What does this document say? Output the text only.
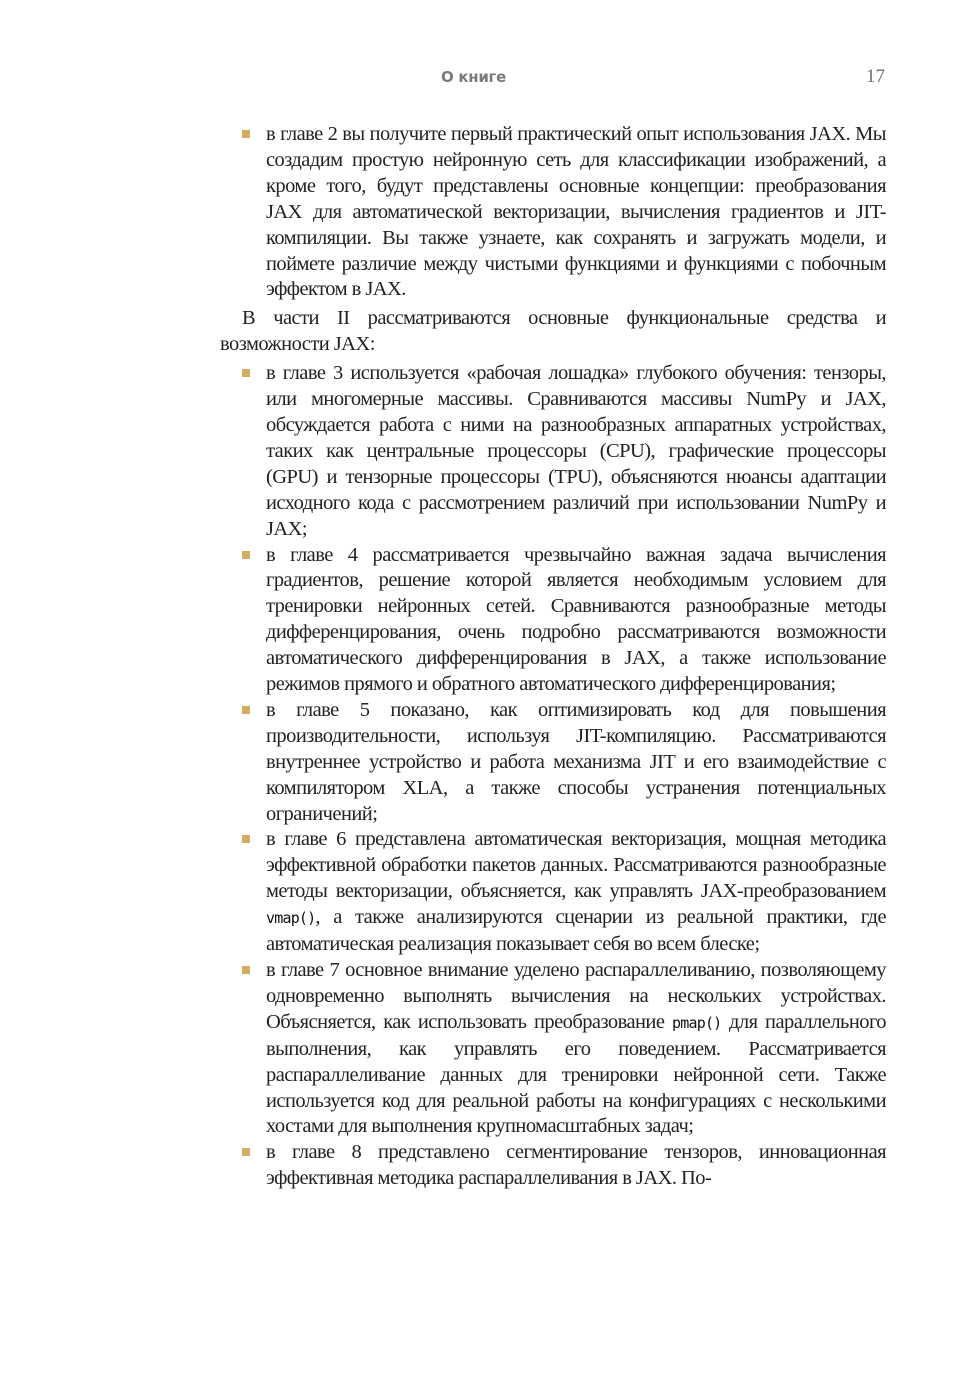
О книге	17
в главе 2 вы получите первый практический опыт использования JAX. Мы создадим простую нейронную сеть для классификации изображений, а кроме того, будут представлены основные концепции: преобразования JAX для автоматической векторизации, вычисления градиентов и JIT-компиляции. Вы также узнаете, как сохранять и загружать модели, и поймете различие между чистыми функциями и функциями с побочным эффектом в JAX.

В части II рассматриваются основные функциональные средства и возможности JAX:

в главе 3 используется «рабочая лошадка» глубокого обучения: тензоры, или многомерные массивы. Сравниваются массивы NumPy и JAX, обсуждается работа с ними на разнообразных аппаратных устройствах, таких как центральные процессоры (CPU), графические процессоры (GPU) и тензорные процессоры (TPU), объясняются нюансы адаптации исходного кода с рассмотрением различий при использовании NumPy и JAX;
в главе 4 рассматривается чрезвычайно важная задача вычисления градиентов, решение которой является необходимым условием для тренировки нейронных сетей. Сравниваются разнообразные методы дифференцирования, очень подробно рассматриваются возможности автоматического дифференцирования в JAX, а также использование режимов прямого и обратного автоматического дифференцирования;
в главе 5 показано, как оптимизировать код для повышения производительности, используя JIT-компиляцию. Рассматриваются внутреннее устройство и работа механизма JIT и его взаимодействие с компилятором XLA, а также способы устранения потенциальных ограничений;
в главе 6 представлена автоматическая векторизация, мощная методика эффективной обработки пакетов данных. Рассматриваются разнообразные методы векторизации, объясняется, как управлять JAX-преобразованием vmap(), а также анализируются сценарии из реальной практики, где автоматическая реализация показывает себя во всем блеске;
в главе 7 основное внимание уделено распараллеливанию, позволяющему одновременно выполнять вычисления на нескольких устройствах. Объясняется, как использовать преобразование pmap() для параллельного выполнения, как управлять его поведением. Рассматривается распараллеливание данных для тренировки нейронной сети. Также используется код для реальной работы на конфигурациях с несколькими хостами для выполнения крупномасштабных задач;
в главе 8 представлено сегментирование тензоров, инновационная эффективная методика распараллеливания в JAX. По-
